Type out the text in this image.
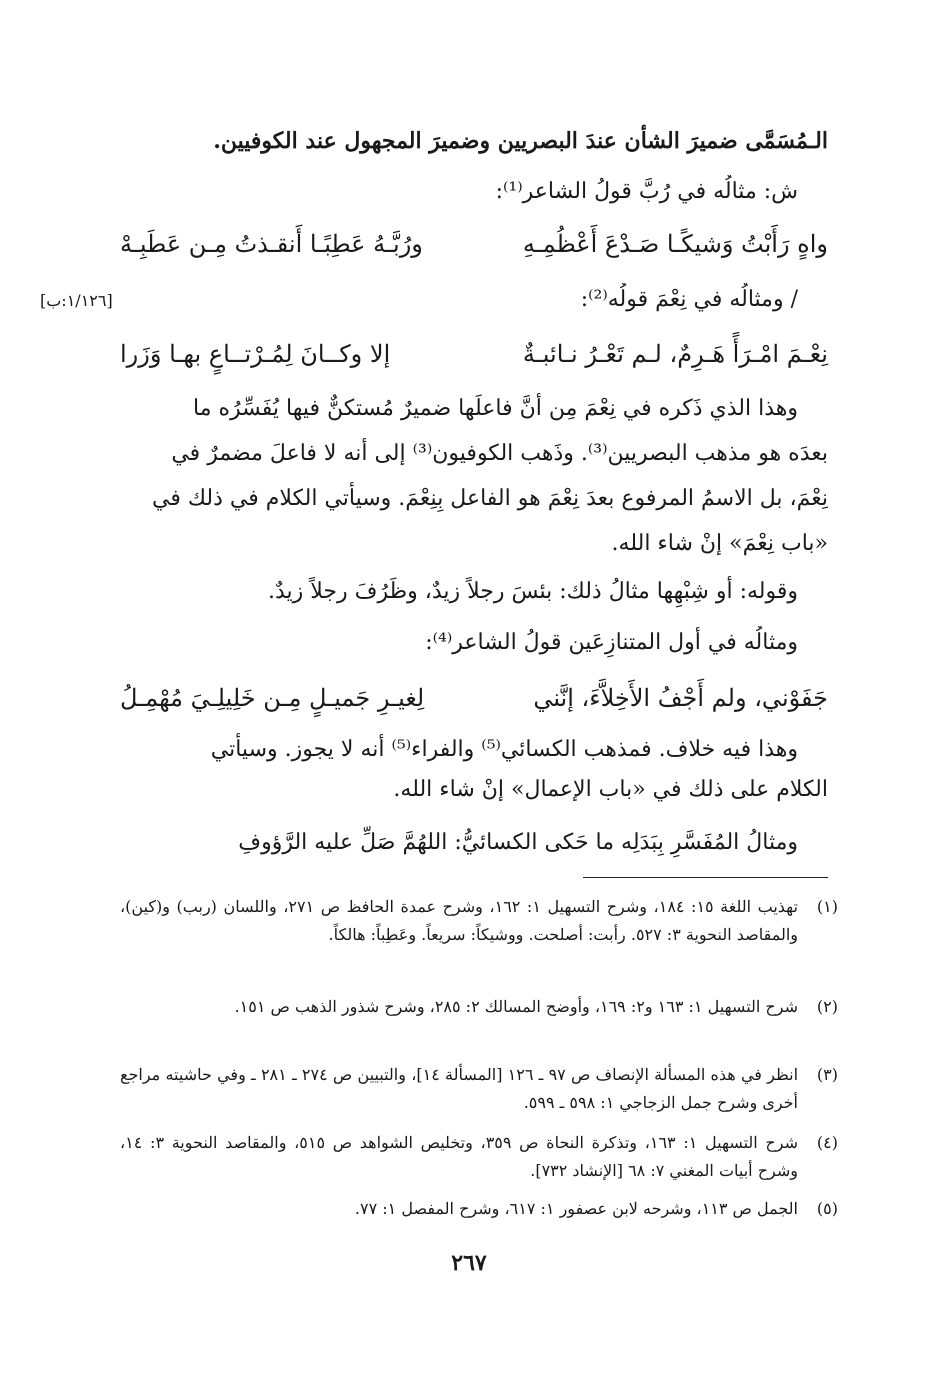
الـمُسَمَّى ضميرَ الشأن عندَ البصريين وضميرَ المجهول عند الكوفيين.
ش: مثالُه في رُبَّ قولُ الشاعر⁽¹⁾:
واهٍ رَأَبْتُ وَشيكًـا صَـدْعَ أَعْظُمِـهِ
ورُبَّـهُ عَطِبًـا أَنقـذتُ مِـن عَطَبِـهْ
/ ومثالُه في نِعْمَ قولُه⁽²⁾:
[١/١٢٦:ب]
نِعْـمَ امْـرَأً هَـرِمٌ، لـم تَعْـرُ نـائبـةٌ
إلا وكــانَ لِمُـرْتــاعٍ بهـا وَزَرا
وهذا الذي ذَكره في نِعْمَ مِن أنَّ فاعلَها ضميرٌ مُستكنٌّ فيها يُفَسِّرُه ما
بعدَه هو مذهب البصريين⁽³⁾. وذَهب الكوفيون⁽³⁾ إلى أنه لا فاعلَ مضمرٌ في
نِعْمَ، بل الاسمُ المرفوع بعدَ نِعْمَ هو الفاعل بِنِعْمَ. وسيأتي الكلام في ذلك في
«باب نِعْمَ» إنْ شاء الله.
وقوله: أو شِبْهِها مثالُ ذلك: بئسَ رجلاً زيدٌ، وظَرُفَ رجلاً زيدٌ.
ومثالُه في أول المتنازِعَين قولُ الشاعر⁽⁴⁾:
جَفَوْني، ولم أَجْفُ الأَخِلاَّءَ، إنَّني
لِغيـرِ جَميـلٍ مِـن خَلِيلِـيَ مُهْمِـلُ
وهذا فيه خلاف. فمذهب الكسائي⁽⁵⁾ والفراء⁽⁵⁾ أنه لا يجوز. وسيأتي
الكلام على ذلك في «باب الإعمال» إنْ شاء الله.
ومثالُ المُفَسَّرِ بِبَدَلِه ما حَكى الكسائيُّ: اللهُمَّ صَلِّ عليه الرَّؤوفِ
(١)
تهذيب اللغة ١٥: ١٨٤، وشرح التسهيل ١: ١٦٢، وشرح عمدة الحافظ ص ٢٧١، واللسان (ربب) و(كين)، والمقاصد النحوية ٣: ٥٢٧. رأبت: أصلحت. ووشيكاً: سريعاً. وعَطِباً: هالكاً.
(٢)
شرح التسهيل ١: ١٦٣ و٢: ١٦٩، وأوضح المسالك ٢: ٢٨٥، وشرح شذور الذهب ص ١٥١.
(٣)
انظر في هذه المسألة الإنصاف ص ٩٧ ـ ١٢٦ [المسألة ١٤]، والتبيين ص ٢٧٤ ـ ٢٨١ ـ وفي حاشيته مراجع أخرى وشرح جمل الزجاجي ١: ٥٩٨ ـ ٥٩٩.
(٤)
شرح التسهيل ١: ١٦٣، وتذكرة النحاة ص ٣٥٩، وتخليص الشواهد ص ٥١٥، والمقاصد النحوية ٣: ١٤، وشرح أبيات المغني ٧: ٦٨ [الإنشاد ٧٣٢].
(٥)
الجمل ص ١١٣، وشرحه لابن عصفور ١: ٦١٧، وشرح المفصل ١: ٧٧.
٢٦٧
